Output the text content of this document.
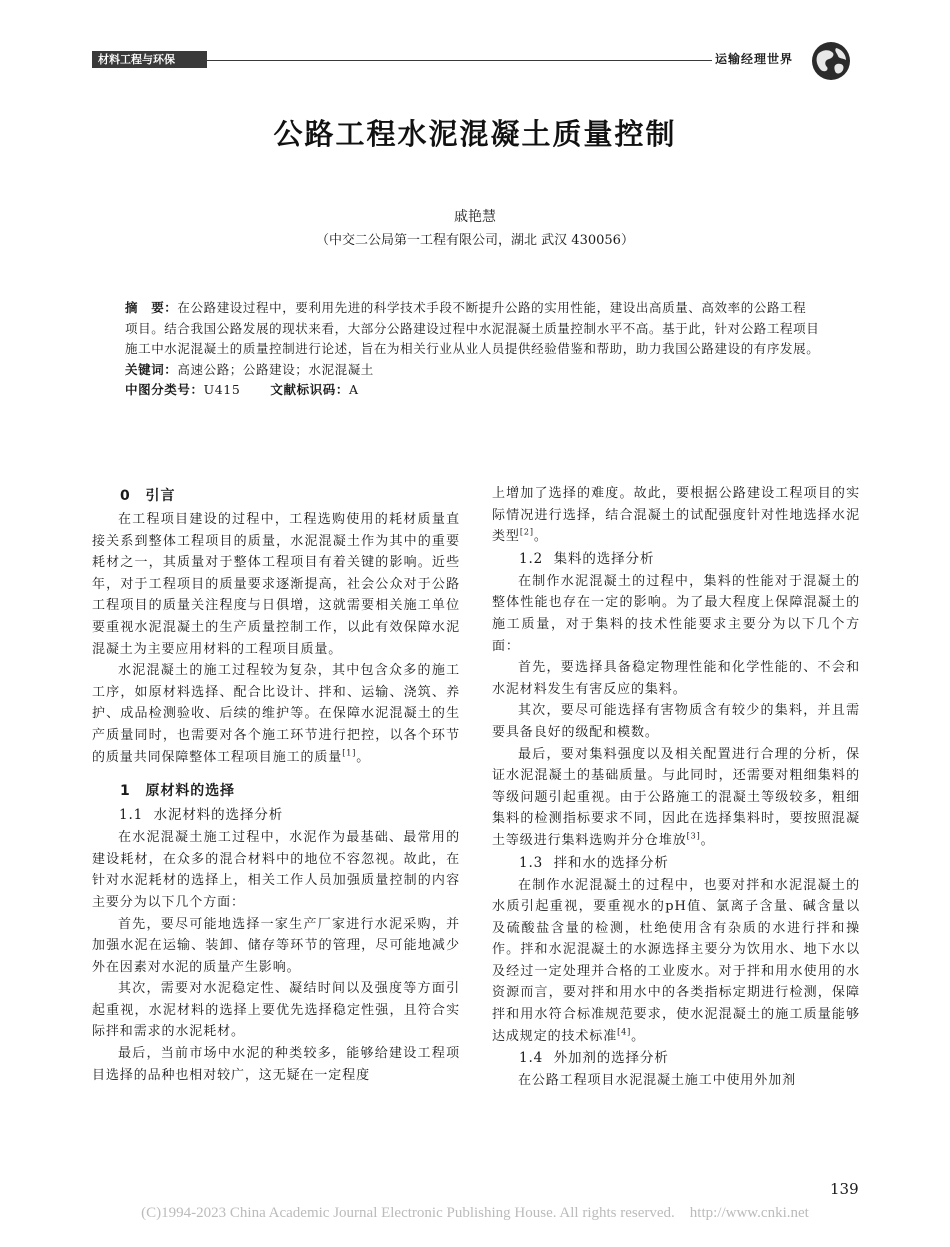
材料工程与环保	运输经理世界
公路工程水泥混凝土质量控制
戚艳慧
（中交二公局第一工程有限公司，湖北 武汉 430056）

摘　要：在公路建设过程中，要利用先进的科学技术手段不断提升公路的实用性能，建设出高质量、高效率的公路工程

项目。结合我国公路发展的现状来看，大部分公路建设过程中水泥混凝土质量控制水平不高。基于此，针对公路工程项目

施工中水泥混凝土的质量控制进行论述，旨在为相关行业从业人员提供经验借鉴和帮助，助力我国公路建设的有序发展。

关键词：高速公路；公路建设；水泥混凝土

中图分类号：U415 文献标识码：A

0　引言

在工程项目建设的过程中，工程选购使用的耗材质量直接关系到整体工程项目的质量，水泥混凝土作为其中的重要耗材之一，其质量对于整体工程项目有着关键的影响。近些年，对于工程项目的质量要求逐渐提高，社会公众对于公路工程项目的质量关注程度与日俱增，这就需要相关施工单位要重视水泥混凝土的生产质量控制工作，以此有效保障水泥混凝土为主要应用材料的工程项目质量。

水泥混凝土的施工过程较为复杂，其中包含众多的施工工序，如原材料选择、配合比设计、拌和、运输、浇筑、养护、成品检测验收、后续的维护等。在保障水泥混凝土的生产质量同时，也需要对各个施工环节进行把控，以各个环节的质量共同保障整体工程项目施工的质量[1]。

1　原材料的选择

1.1 水泥材料的选择分析

在水泥混凝土施工过程中，水泥作为最基础、最常用的建设耗材，在众多的混合材料中的地位不容忽视。故此，在针对水泥耗材的选择上，相关工作人员加强质量控制的内容主要分为以下几个方面：

首先，要尽可能地选择一家生产厂家进行水泥采购，并加强水泥在运输、装卸、储存等环节的管理，尽可能地减少外在因素对水泥的质量产生影响。

其次，需要对水泥稳定性、凝结时间以及强度等方面引起重视，水泥材料的选择上要优先选择稳定性强，且符合实际拌和需求的水泥耗材。

最后，当前市场中水泥的种类较多，能够给建设工程项目选择的品种也相对较广，这无疑在一定程度

上增加了选择的难度。故此，要根据公路建设工程项目的实际情况进行选择，结合混凝土的试配强度针对性地选择水泥类型[2]。

1.2 集料的选择分析

在制作水泥混凝土的过程中，集料的性能对于混凝土的整体性能也存在一定的影响。为了最大程度上保障混凝土的施工质量，对于集料的技术性能要求主要分为以下几个方面：

首先，要选择具备稳定物理性能和化学性能的、不会和水泥材料发生有害反应的集料。

其次，要尽可能选择有害物质含有较少的集料，并且需要具备良好的级配和模数。

最后，要对集料强度以及相关配置进行合理的分析，保证水泥混凝土的基础质量。与此同时，还需要对粗细集料的等级问题引起重视。由于公路施工的混凝土等级较多，粗细集料的检测指标要求不同，因此在选择集料时，要按照混凝土等级进行集料选购并分仓堆放[3]。

1.3 拌和水的选择分析

在制作水泥混凝土的过程中，也要对拌和水泥混凝土的水质引起重视，要重视水的pH值、氯离子含量、碱含量以及硫酸盐含量的检测，杜绝使用含有杂质的水进行拌和操作。拌和水泥混凝土的水源选择主要分为饮用水、地下水以及经过一定处理并合格的工业废水。对于拌和用水使用的水资源而言，要对拌和用水中的各类指标定期进行检测，保障拌和用水符合标准规范要求，使水泥混凝土的施工质量能够达成规定的技术标准[4]。

1.4 外加剂的选择分析

在公路工程项目水泥混凝土施工中使用外加剂

139
(C)1994-2023 China Academic Journal Electronic Publishing House. All rights reserved.　http://www.cnki.net
